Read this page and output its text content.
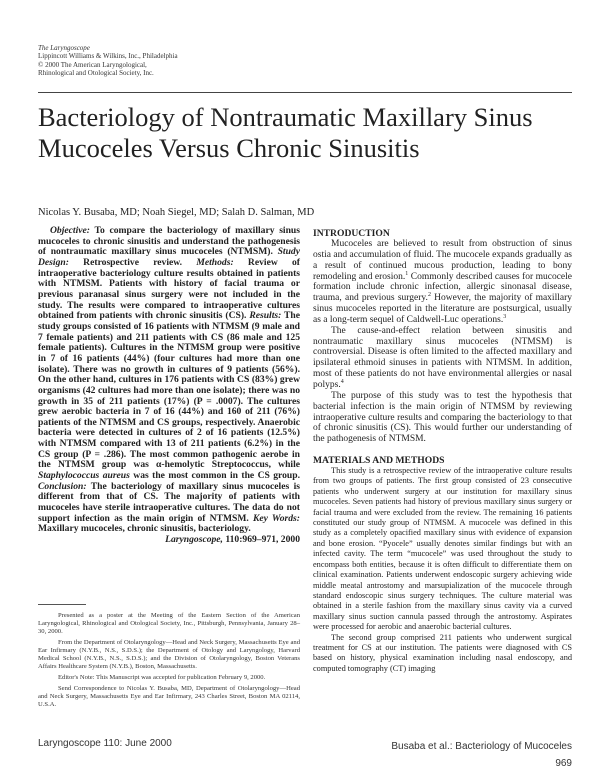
The Laryngoscope
Lippincott Williams & Wilkins, Inc., Philadelphia
© 2000 The American Laryngological,
Rhinological and Otological Society, Inc.
Bacteriology of Nontraumatic Maxillary Sinus Mucoceles Versus Chronic Sinusitis
Nicolas Y. Busaba, MD; Noah Siegel, MD; Salah D. Salman, MD

Objective: To compare the bacteriology of maxillary sinus mucoceles to chronic sinusitis and understand the pathogenesis of nontraumatic maxillary sinus mucoceles (NTMSM). Study Design: Retrospective review. Methods: Review of intraoperative bacteriology culture results obtained in patients with NTMSM. Patients with history of facial trauma or previous paranasal sinus surgery were not included in the study. The results were compared to intraoperative cultures obtained from patients with chronic sinusitis (CS). Results: The study groups consisted of 16 patients with NTMSM (9 male and 7 female patients) and 211 patients with CS (86 male and 125 female patients). Cultures in the NTMSM group were positive in 7 of 16 patients (44%) (four cultures had more than one isolate). There was no growth in cultures of 9 patients (56%). On the other hand, cultures in 176 patients with CS (83%) grew organisms (42 cultures had more than one isolate); there was no growth in 35 of 211 patients (17%) (P = .0007). The cultures grew aerobic bacteria in 7 of 16 (44%) and 160 of 211 (76%) patients of the NTMSM and CS groups, respectively. Anaerobic bacteria were detected in cultures of 2 of 16 patients (12.5%) with NTMSM compared with 13 of 211 patients (6.2%) in the CS group (P = .286). The most common pathogenic aerobe in the NTMSM group was α-hemolytic Streptococcus, while Staphylococcus aureus was the most common in the CS group. Conclusion: The bacteriology of maxillary sinus mucoceles is different from that of CS. The majority of patients with mucoceles have sterile intraoperative cultures. The data do not support infection as the main origin of NTMSM. Key Words: Maxillary mucoceles, chronic sinusitis, bacteriology.

Laryngoscope, 110:969–971, 2000

Presented as a poster at the Meeting of the Eastern Section of the American Laryngological, Rhinological and Otological Society, Inc., Pittsburgh, Pennsylvania, January 28–30, 2000.

From the Department of Otolaryngology—Head and Neck Surgery, Massachusetts Eye and Ear Infirmary (N.Y.B., N.S., S.D.S.); the Department of Otology and Laryngology, Harvard Medical School (N.Y.B., N.S., S.D.S.); and the Division of Otolaryngology, Boston Veterans Affairs Healthcare System (N.Y.B.), Boston, Massachusetts.

Editor's Note: This Manuscript was accepted for publication February 9, 2000.

Send Correspondence to Nicolas Y. Busaba, MD, Department of Otolaryngology—Head and Neck Surgery, Massachusetts Eye and Ear Infirmary, 243 Charles Street, Boston MA 02114, U.S.A.

INTRODUCTION

Mucoceles are believed to result from obstruction of sinus ostia and accumulation of fluid. The mucocele expands gradually as a result of continued mucous production, leading to bony remodeling and erosion.$^1$ Commonly described causes for mucocele formation include chronic infection, allergic sinonasal disease, trauma, and previous surgery.$^2$ However, the majority of maxillary sinus mucoceles reported in the literature are postsurgical, usually as a long-term sequel of Caldwell-Luc operations.$^3$

The cause-and-effect relation between sinusitis and nontraumatic maxillary sinus mucoceles (NTMSM) is controversial. Disease is often limited to the affected maxillary and ipsilateral ethmoid sinuses in patients with NTMSM. In addition, most of these patients do not have environmental allergies or nasal polyps.$^4$

The purpose of this study was to test the hypothesis that bacterial infection is the main origin of NTMSM by reviewing intraoperative culture results and comparing the bacteriology to that of chronic sinusitis (CS). This would further our understanding of the pathogenesis of NTMSM.

MATERIALS AND METHODS

This study is a retrospective review of the intraoperative culture results from two groups of patients. The first group consisted of 23 consecutive patients who underwent surgery at our institution for maxillary sinus mucoceles. Seven patients had history of previous maxillary sinus surgery or facial trauma and were excluded from the review. The remaining 16 patients constituted our study group of NTMSM. A mucocele was defined in this study as a completely opacified maxillary sinus with evidence of expansion and bone erosion. “Pyocele” usually denotes similar findings but with an infected cavity. The term “mucocele” was used throughout the study to encompass both entities, because it is often difficult to differentiate them on clinical examination. Patients underwent endoscopic surgery achieving wide middle meatal antrostomy and marsupialization of the mucocele through standard endoscopic sinus surgery techniques. The culture material was obtained in a sterile fashion from the maxillary sinus cavity via a curved maxillary sinus suction cannula passed through the antrostomy. Aspirates were processed for aerobic and anaerobic bacterial cultures.

The second group comprised 211 patients who underwent surgical treatment for CS at our institution. The patients were diagnosed with CS based on history, physical examination including nasal endoscopy, and computed tomography (CT) imaging

Laryngoscope 110: June 2000	Busaba et al.: Bacteriology of Mucoceles
969
